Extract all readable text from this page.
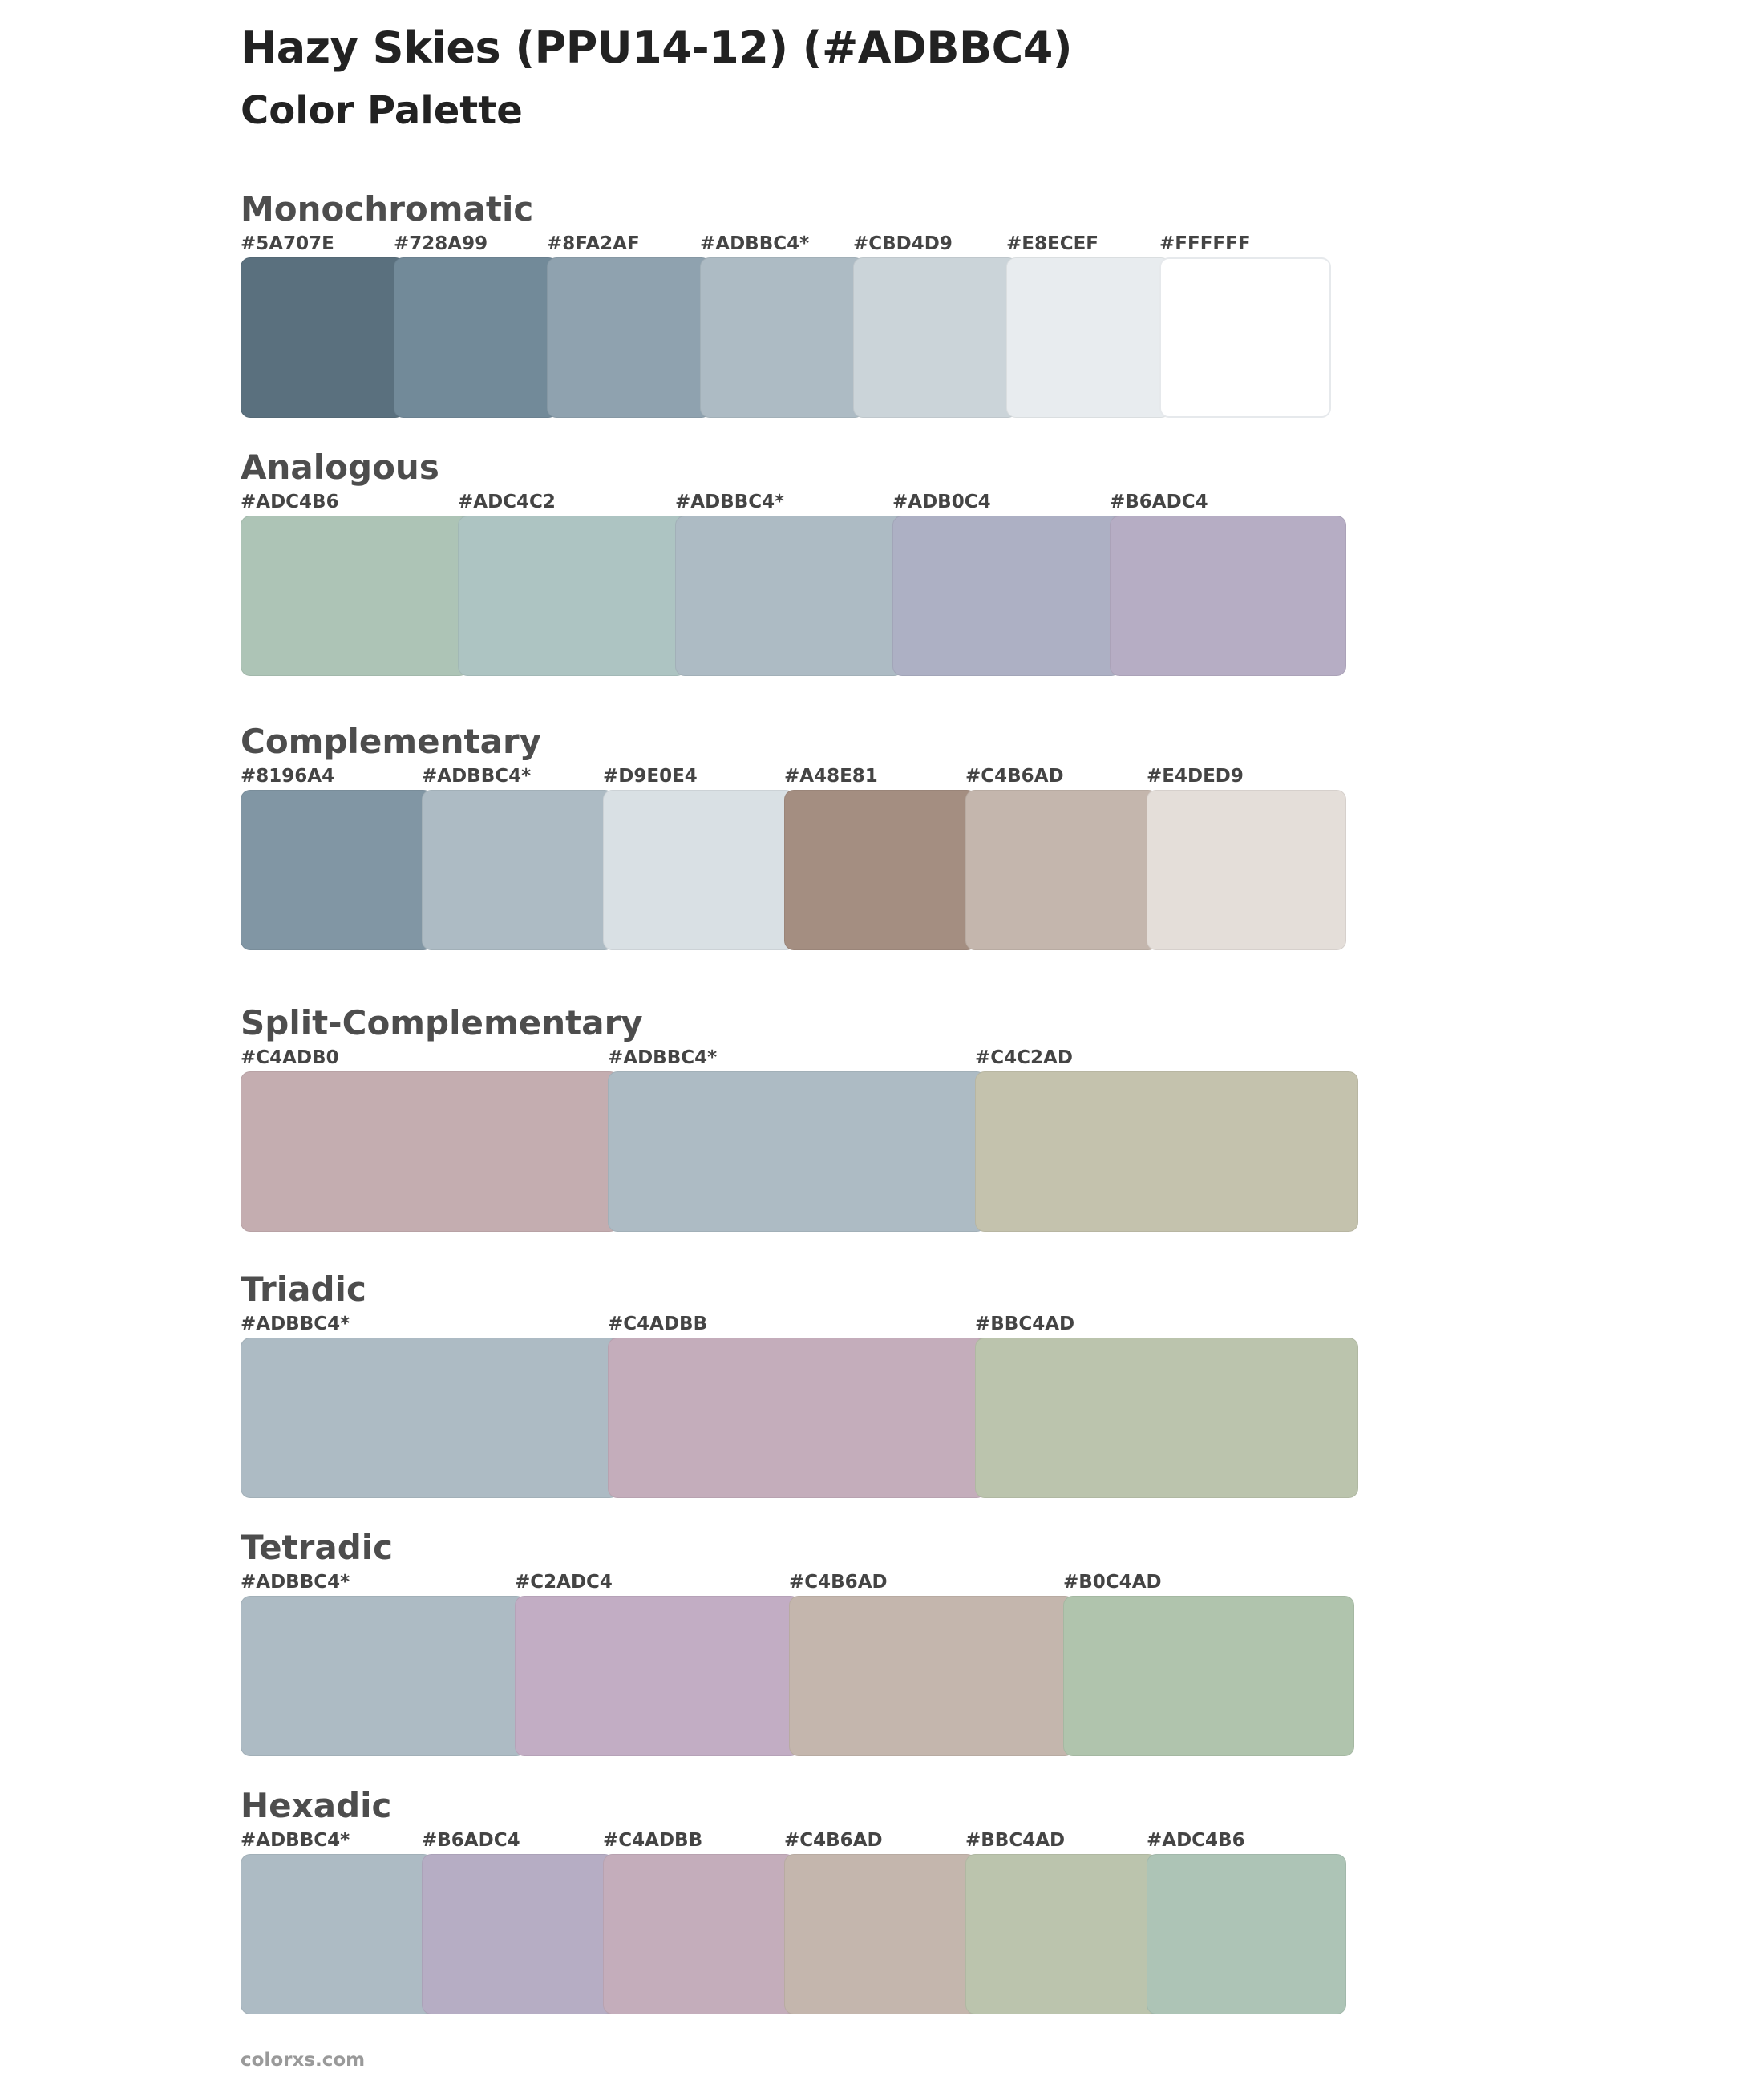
Hazy Skies (PPU14-12) (#ADBBC4)
Color Palette
Monochromatic
#5A707E	#728A99	#8FA2AF	#ADBBC4* #CBD4D9	#E8ECEF	#FFFFFF
Analogous
#ADC4B6	#ADC4C2	#ADBBC4*	#ADB0C4	#B6ADC4
Complementary
#8196A4	#ADBBC4*	#D9E0E4	#A48E81	#C4B6AD	#E4DED9
Split-Complementary
#C4ADB0	#ADBBC4*	#C4C2AD
Triadic
#ADBBC4*	#C4ADBB	#BBC4AD
Tetradic
#ADBBC4*	#C2ADC4	#C4B6AD	#B0C4AD
Hexadic
#ADBBC4*	#B6ADC4	#C4ADBB	#C4B6AD	#BBC4AD	#ADC4B6
colorxs.com
